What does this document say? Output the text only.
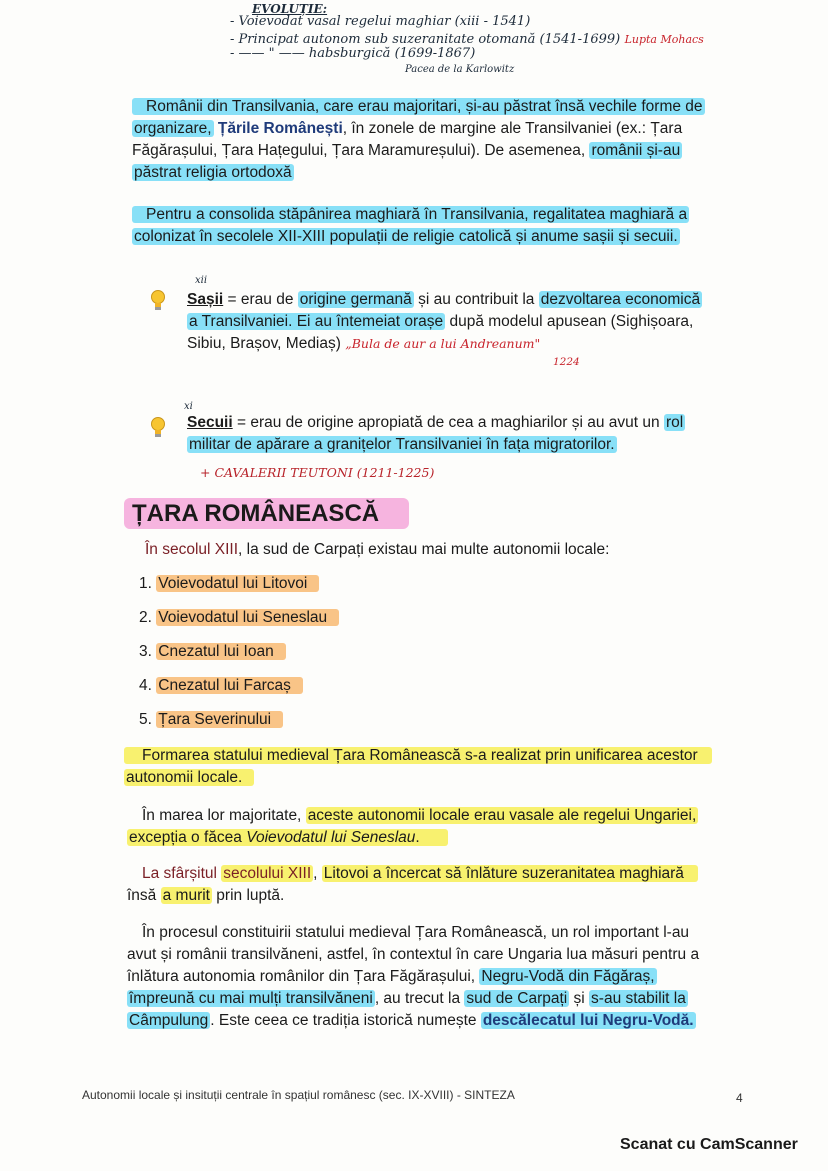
EVOLUȚIE:
- Voievodat vasal regelui maghiar (xiii - 1541)
- Principat autonom sub suzeranitate otomană (1541-1699) Lupta Mohacs
- —— " —— habsburgică (1699-1867)
Pacea de la Karlowitz
Românii din Transilvania, care erau majoritari, și-au păstrat însă vechile forme de
organizare, Țările Românești, în zonele de margine ale Transilvaniei (ex.: Țara
Făgărașului, Țara Hațegului, Țara Maramureșului). De asemenea, românii și-au
păstrat religia ortodoxă
Pentru a consolida stăpânirea maghiară în Transilvania, regalitatea maghiară a
colonizat în secolele XII-XIII populații de religie catolică și anume sașii și secuii.
xii
Sașii = erau de origine germană și au contribuit la dezvoltarea economică
a Transilvaniei. Ei au întemeiat orașe după modelul apusean (Sighișoara,
Sibiu, Brașov, Mediaș) „Bula de aur a lui Andreanum"
1224
xi
Secuii = erau de origine apropiată de cea a maghiarilor și au avut un rol
militar de apărare a granițelor Transilvaniei în fața migratorilor.
+ CAVALERII TEUTONI (1211-1225)
ȚARA ROMÂNEASCĂ
În secolul XIII, la sud de Carpați existau mai multe autonomii locale:
1. Voievodatul lui Litovoi
2. Voievodatul lui Seneslau
3. Cnezatul lui Ioan
4. Cnezatul lui Farcaș
5. Țara Severinului
Formarea statului medieval Țara Românească s-a realizat prin unificarea acestor
autonomii locale.
În marea lor majoritate, aceste autonomii locale erau vasale ale regelui Ungariei,
excepția o făcea Voievodatul lui Seneslau.
La sfârșitul secolului XIII , Litovoi a încercat să înlăture suzeranitatea maghiară
însă a murit prin luptă.
În procesul constituirii statului medieval Țara Românească, un rol important l-au
avut și românii transilvăneni, astfel, în contextul în care Ungaria lua măsuri pentru a
înlătura autonomia românilor din Țara Făgărașului, Negru-Vodă din Făgăraș,
împreună cu mai mulți transilvăneni , au trecut la sud de Carpați și s-au stabilit la
Câmpulung . Este ceea ce tradiția istorică numește descălecatul lui Negru-Vodă.
Autonomii locale și insituții centrale în spațiul românesc (sec. IX-XVIII) - SINTEZA	4
Scanat cu CamScanner
